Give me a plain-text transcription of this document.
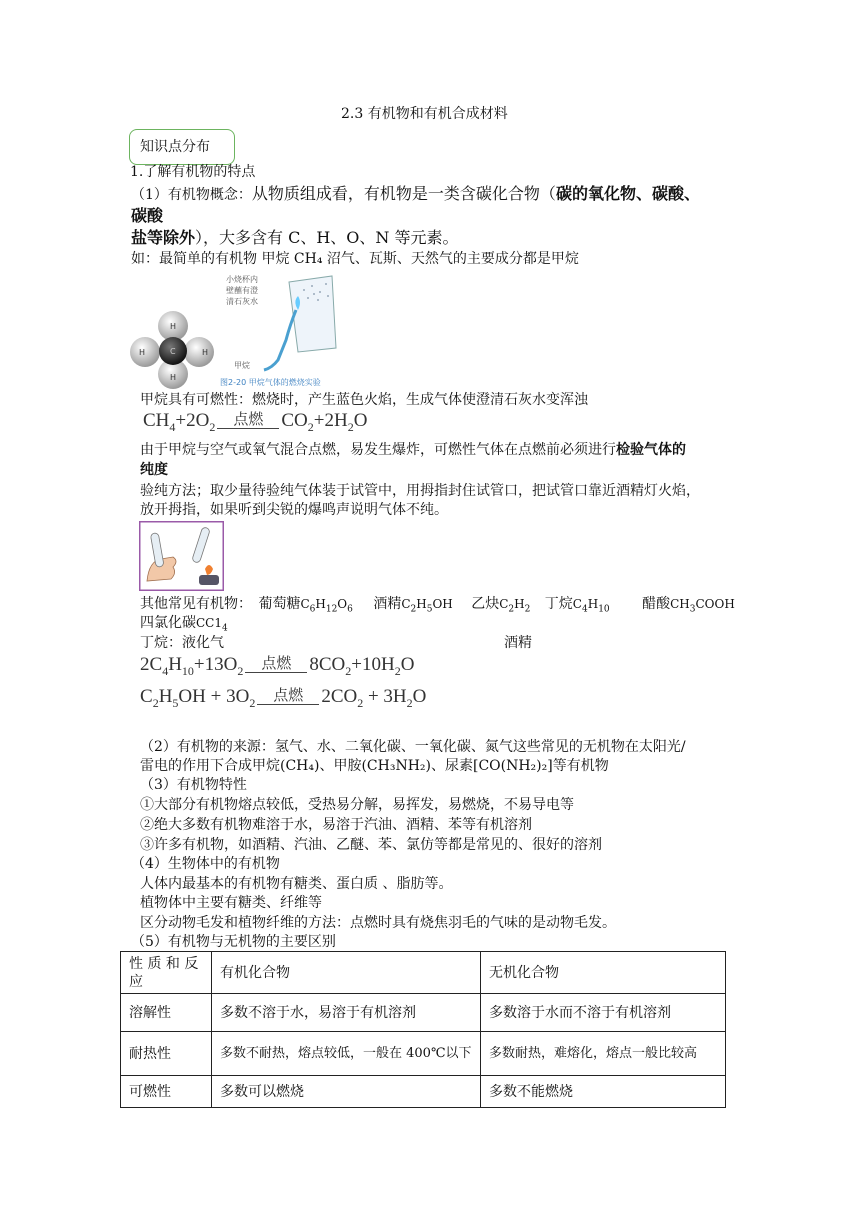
2.3 有机物和有机合成材料
知识点分布
1.了解有机物的特点
（1）有机物概念：从物质组成看，有机物是一类含碳化合物（碳的氧化物、碳酸、
碳酸
盐等除外），大多含有 C、H、O、N 等元素。
如：最简单的有机物 甲烷 CH₄ 沼气、瓦斯、天然气的主要成分都是甲烷
H
H	H
H
C
小烧杯内
壁蘸有澄
清石灰水
甲烷
图2-20 甲烷气体的燃烧实验
甲烷具有可燃性：燃烧时，产生蓝色火焰，生成气体使澄清石灰水变浑浊
$CH_4+2O_2$ 点燃 $CO_2+2H_2O$
由于甲烷与空气或氧气混合点燃，易发生爆炸，可燃性气体在点燃前必须进行检验气体的
纯度
验纯方法；取少量待验纯气体装于试管中，用拇指封住试管口，把试管口靠近酒精灯火焰，
放开拇指，如果听到尖锐的爆鸣声说明气体不纯。
其他常见有机物： 葡萄糖$C_6H_{12}O_6$ 酒精$C_2H_5OH$ 乙炔$C_2H_2$ 丁烷$C_4H_{10}$ 醋酸$CH_3COOH$
四氯化碳$CC1_4$
丁烷：液化气	酒精
$2C_4H_{10}+13O_2$ 点燃 $8CO_2+10H_2O$
$C_2H_5OH + 3O_2$ 点燃 $2CO_2 + 3H_2O$
（2）有机物的来源：氢气、水、二氧化碳、一氧化碳、氮气这些常见的无机物在太阳光/
雷电的作用下合成甲烷(CH₄)、甲胺(CH₃NH₂)、尿素[CO(NH₂)₂]等有机物
（3）有机物特性
①大部分有机物熔点较低，受热易分解，易挥发，易燃烧，不易导电等
②绝大多数有机物难溶于水，易溶于汽油、酒精、苯等有机溶剂
③许多有机物，如酒精、汽油、乙醚、苯、氯仿等都是常见的、很好的溶剂
（4）生物体中的有机物
人体内最基本的有机物有糖类、蛋白质 、脂肪等。
植物体中主要有糖类、纤维等
区分动物毛发和植物纤维的方法：点燃时具有烧焦羽毛的气味的是动物毛发。
（5）有机物与无机物的主要区别
性 质 和 反应	有机化合物	无机化合物
溶解性	多数不溶于水，易溶于有机溶剂	多数溶于水而不溶于有机溶剂
耐热性	多数不耐热，熔点较低，一般在 400℃以下	多数耐热，难熔化，熔点一般比较高
可燃性	多数可以燃烧	多数不能燃烧
